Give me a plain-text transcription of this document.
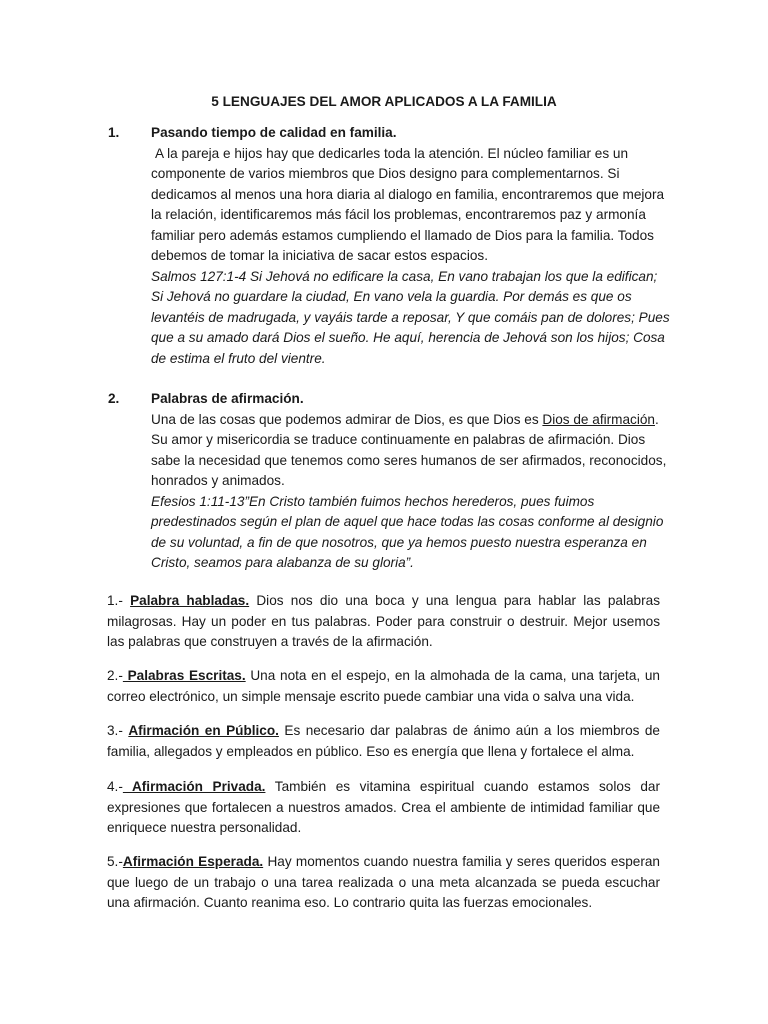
5 LENGUAJES DEL AMOR APLICADOS A LA FAMILIA
1.	Pasando tiempo de calidad en familia.

A la pareja e hijos hay que dedicarles toda la atención. El núcleo familiar es un componente de varios miembros que Dios designo para complementarnos. Si dedicamos al menos una hora diaria al dialogo en familia, encontraremos que mejora la relación, identificaremos más fácil los problemas, encontraremos paz y armonía familiar pero además estamos cumpliendo el llamado de Dios para la familia. Todos debemos de tomar la iniciativa de sacar estos espacios.

Salmos 127:1-4 Si Jehová no edificare la casa, En vano trabajan los que la edifican; Si Jehová no guardare la ciudad, En vano vela la guardia. Por demás es que os levantéis de madrugada, y vayáis tarde a reposar, Y que comáis pan de dolores; Pues que a su amado dará Dios el sueño. He aquí, herencia de Jehová son los hijos; Cosa de estima el fruto del vientre.

2.	Palabras de afirmación.

Una de las cosas que podemos admirar de Dios, es que Dios es Dios de afirmación. Su amor y misericordia se traduce continuamente en palabras de afirmación. Dios sabe la necesidad que tenemos como seres humanos de ser afirmados, reconocidos, honrados y animados.

Efesios 1:11-13”En Cristo también fuimos hechos herederos, pues fuimos predestinados según el plan de aquel que hace todas las cosas conforme al designio de su voluntad, a fin de que nosotros, que ya hemos puesto nuestra esperanza en Cristo, seamos para alabanza de su gloria”.

1.- Palabra habladas. Dios nos dio una boca y una lengua para hablar las palabras milagrosas. Hay un poder en tus palabras. Poder para construir o destruir. Mejor usemos las palabras que construyen a través de la afirmación.

2.- Palabras Escritas. Una nota en el espejo, en la almohada de la cama, una tarjeta, un correo electrónico, un simple mensaje escrito puede cambiar una vida o salva una vida.

3.- Afirmación en Público. Es necesario dar palabras de ánimo aún a los miembros de familia, allegados y empleados en público. Eso es energía que llena y fortalece el alma.

4.- Afirmación Privada. También es vitamina espiritual cuando estamos solos dar expresiones que fortalecen a nuestros amados. Crea el ambiente de intimidad familiar que enriquece nuestra personalidad.

5.-Afirmación Esperada. Hay momentos cuando nuestra familia y seres queridos esperan que luego de un trabajo o una tarea realizada o una meta alcanzada se pueda escuchar una afirmación. Cuanto reanima eso. Lo contrario quita las fuerzas emocionales.
